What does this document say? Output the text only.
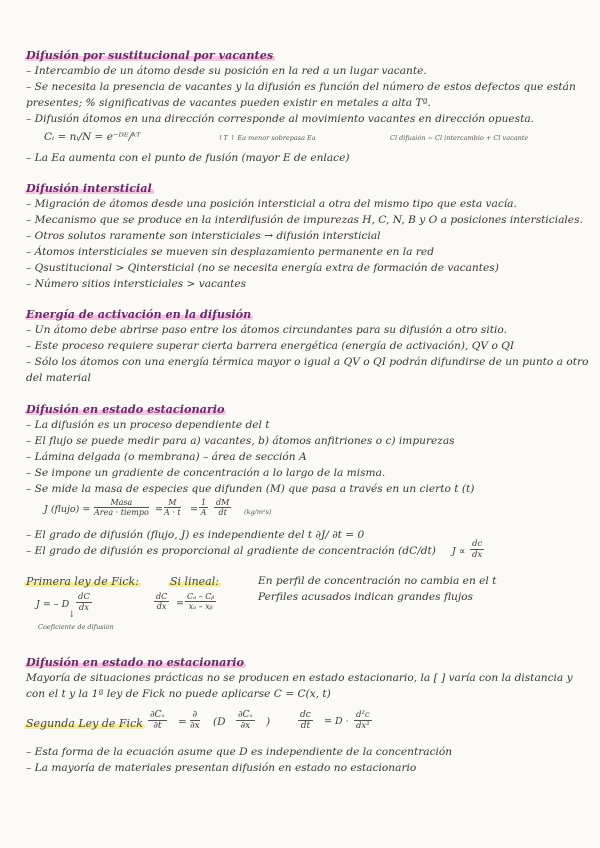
Difusión por sustitucional por vacantes
– Intercambio de un átomo desde su posición en la red a un lugar vacante.
– Se necesita la presencia de vacantes y la difusión es función del número de estos defectos que están
presentes; % significativas de vacantes pueden existir en metales a alta Tª.
– Difusión átomos en una dirección corresponde al movimiento vacantes en dirección opuesta.
Cᵢ = nᵢ/N = e⁻ᴰᴱ/ᵏᵀ	↑T ↑ Ea menor sobrepasa Ea	Cl difusión ~ Cl intercambio + Cl vacante
– La Ea aumenta con el punto de fusión (mayor E de enlace)
Difusión intersticial
– Migración de átomos desde una posición intersticial a otra del mismo tipo que esta vacía.
– Mecanismo que se produce en la interdifusión de impurezas H, C, N, B y O a posiciones intersticiales.
– Otros solutos raramente son intersticiales → difusión intersticial
– Átomos intersticiales se mueven sin desplazamiento permanente en la red
– Qsustitucional > Qintersticial (no se necesita energía extra de formación de vacantes)
– Número sitios intersticiales > vacantes
Energía de activación en la difusión
– Un átomo debe abrirse paso entre los átomos circundantes para su difusión a otro sitio.
– Este proceso requiere superar cierta barrera energética (energía de activación), QV o QI
– Sólo los átomos con una energía térmica mayor o igual a QV o QI podrán difundirse de un punto a otro
del material
Difusión en estado estacionario
– La difusión es un proceso dependiente del t
– El flujo se puede medir para a) vacantes, b) átomos anfitriones o c) impurezas
– Lámina delgada (o membrana) – área de sección A
– Se impone un gradiente de concentración a lo largo de la misma.
– Se mide la masa de especies que difunden (M) que pasa a través en un cierto t (t)
J (flujo) =
Masa
Área · tiempo = $\frac{M}{A \cdot t} = \frac{1}{A} \frac{dM}{dt} (kg/m^2s)$
– El grado de difusión (flujo, J) es independiente del t ∂J/ ∂t = 0
– El grado de difusión es proporcional al gradiente de concentración (dC/dt)	$J \propto \frac{dc}{dx}$
Primera ley de Fick:	Si lineal:	En perfil de concentración no cambia en el t
Perfiles acusados indican grandes flujos
J = – D $\frac{dC}{dx}$
↓
Coeficiente de difusión
$\frac{dC}{dx} = \frac{\text{Cₐ – Cᵦ}}{\text{xₐ – xᵦ}}$
Difusión en estado no estacionario
Mayoría de situaciones prácticas no se producen en estado estacionario, la [ ] varía con la distancia y
con el t y la 1ª ley de Fick no puede aplicarse C = C(x, t)
Segunda Ley de Fick $\frac{\text{∂Cₓ}}{\partial t}$ =
∂
∂x ($D \frac{\text{∂Cₓ}}{\partial x}$ )	$\frac{dc}{dt} = D \cdot \frac{\text{d²c}}{\text{dx²}}$
– Esta forma de la ecuación asume que D es independiente de la concentración
– La mayoría de materiales presentan difusión en estado no estacionario
